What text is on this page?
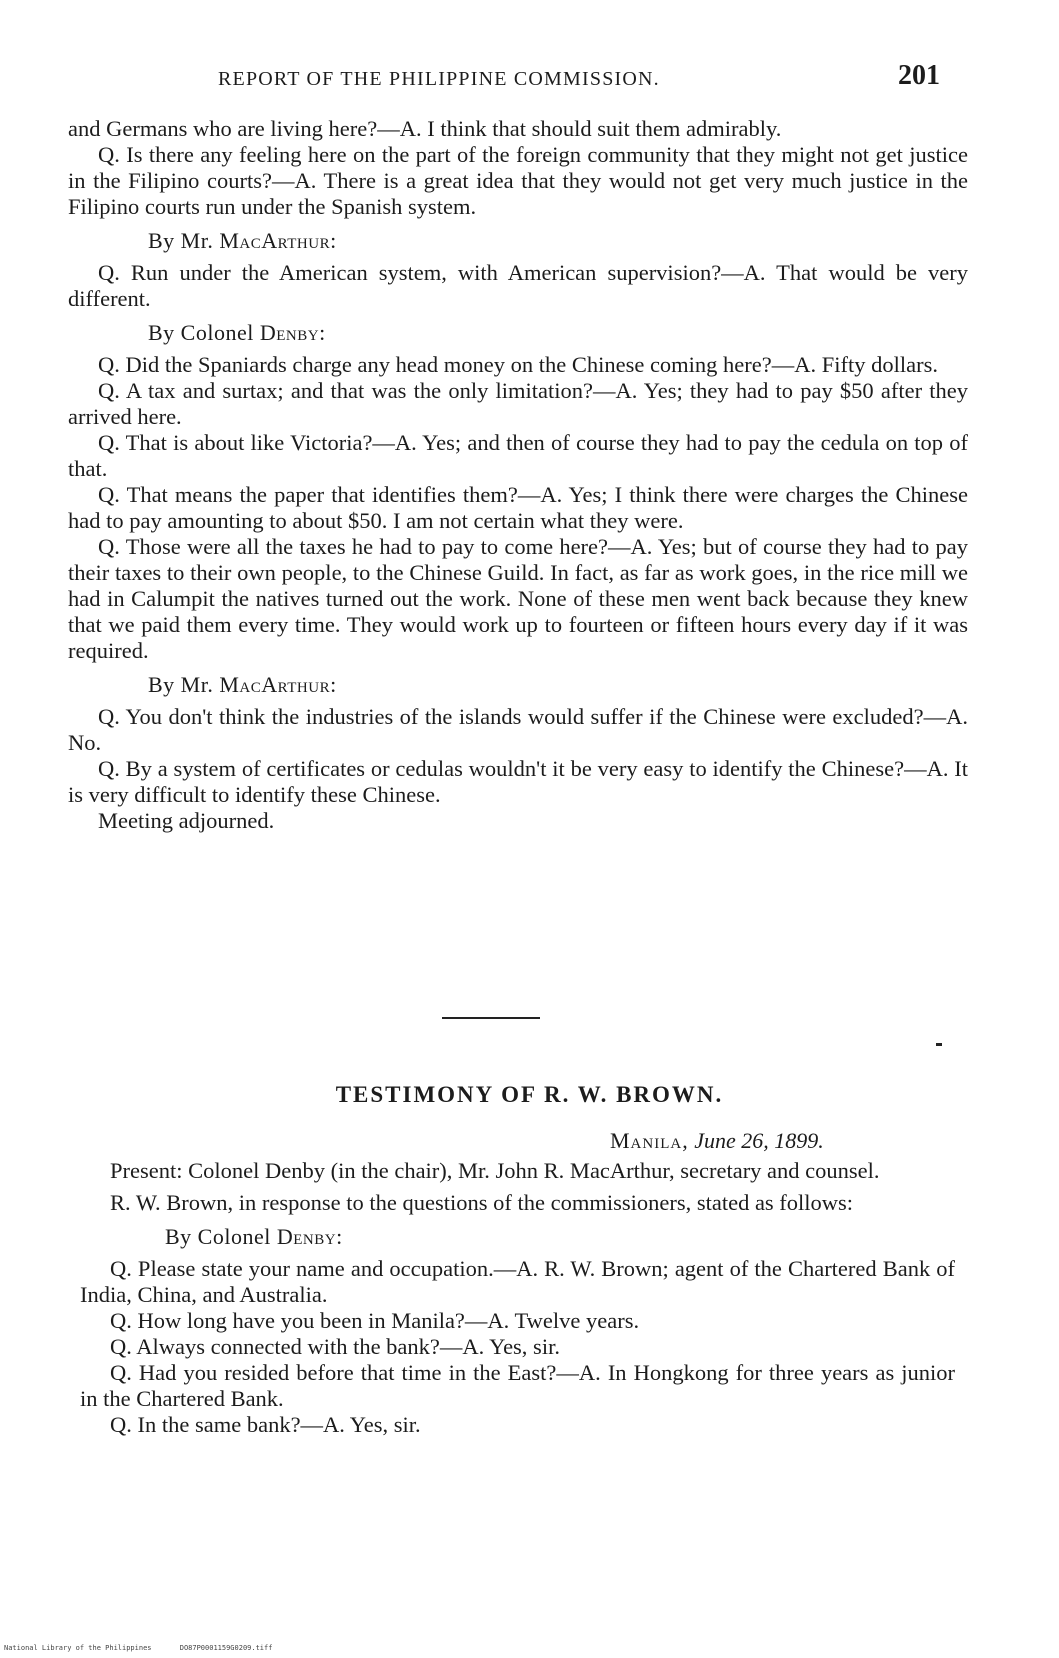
REPORT OF THE PHILIPPINE COMMISSION.	201

and Germans who are living here?—A. I think that should suit them admirably.

Q. Is there any feeling here on the part of the foreign community that they might not get justice in the Filipino courts?—A. There is a great idea that they would not get very much justice in the Filipino courts run under the Spanish system.

By Mr. MacArthur:

Q. Run under the American system, with American supervision?—A. That would be very different.

By Colonel Denby:

Q. Did the Spaniards charge any head money on the Chinese coming here?—A. Fifty dollars.

Q. A tax and surtax; and that was the only limitation?—A. Yes; they had to pay $50 after they arrived here.

Q. That is about like Victoria?—A. Yes; and then of course they had to pay the cedula on top of that.

Q. That means the paper that identifies them?—A. Yes; I think there were charges the Chinese had to pay amounting to about $50. I am not certain what they were.

Q. Those were all the taxes he had to pay to come here?—A. Yes; but of course they had to pay their taxes to their own people, to the Chinese Guild. In fact, as far as work goes, in the rice mill we had in Calumpit the natives turned out the work. None of these men went back because they knew that we paid them every time. They would work up to fourteen or fifteen hours every day if it was required.

By Mr. MacArthur:

Q. You don't think the industries of the islands would suffer if the Chinese were excluded?—A. No.

Q. By a system of certificates or cedulas wouldn't it be very easy to identify the Chinese?—A. It is very difficult to identify these Chinese.

Meeting adjourned.

TESTIMONY OF R. W. BROWN.
Manila, June 26, 1899.

Present: Colonel Denby (in the chair), Mr. John R. MacArthur, secretary and counsel.

R. W. Brown, in response to the questions of the commissioners, stated as follows:

By Colonel Denby:

Q. Please state your name and occupation.—A. R. W. Brown; agent of the Chartered Bank of India, China, and Australia.

Q. How long have you been in Manila?—A. Twelve years.

Q. Always connected with the bank?—A. Yes, sir.

Q. Had you resided before that time in the East?—A. In Hongkong for three years as junior in the Chartered Bank.

Q. In the same bank?—A. Yes, sir.

National Library of the Philippines	DO87P0001159G0209.tiff
